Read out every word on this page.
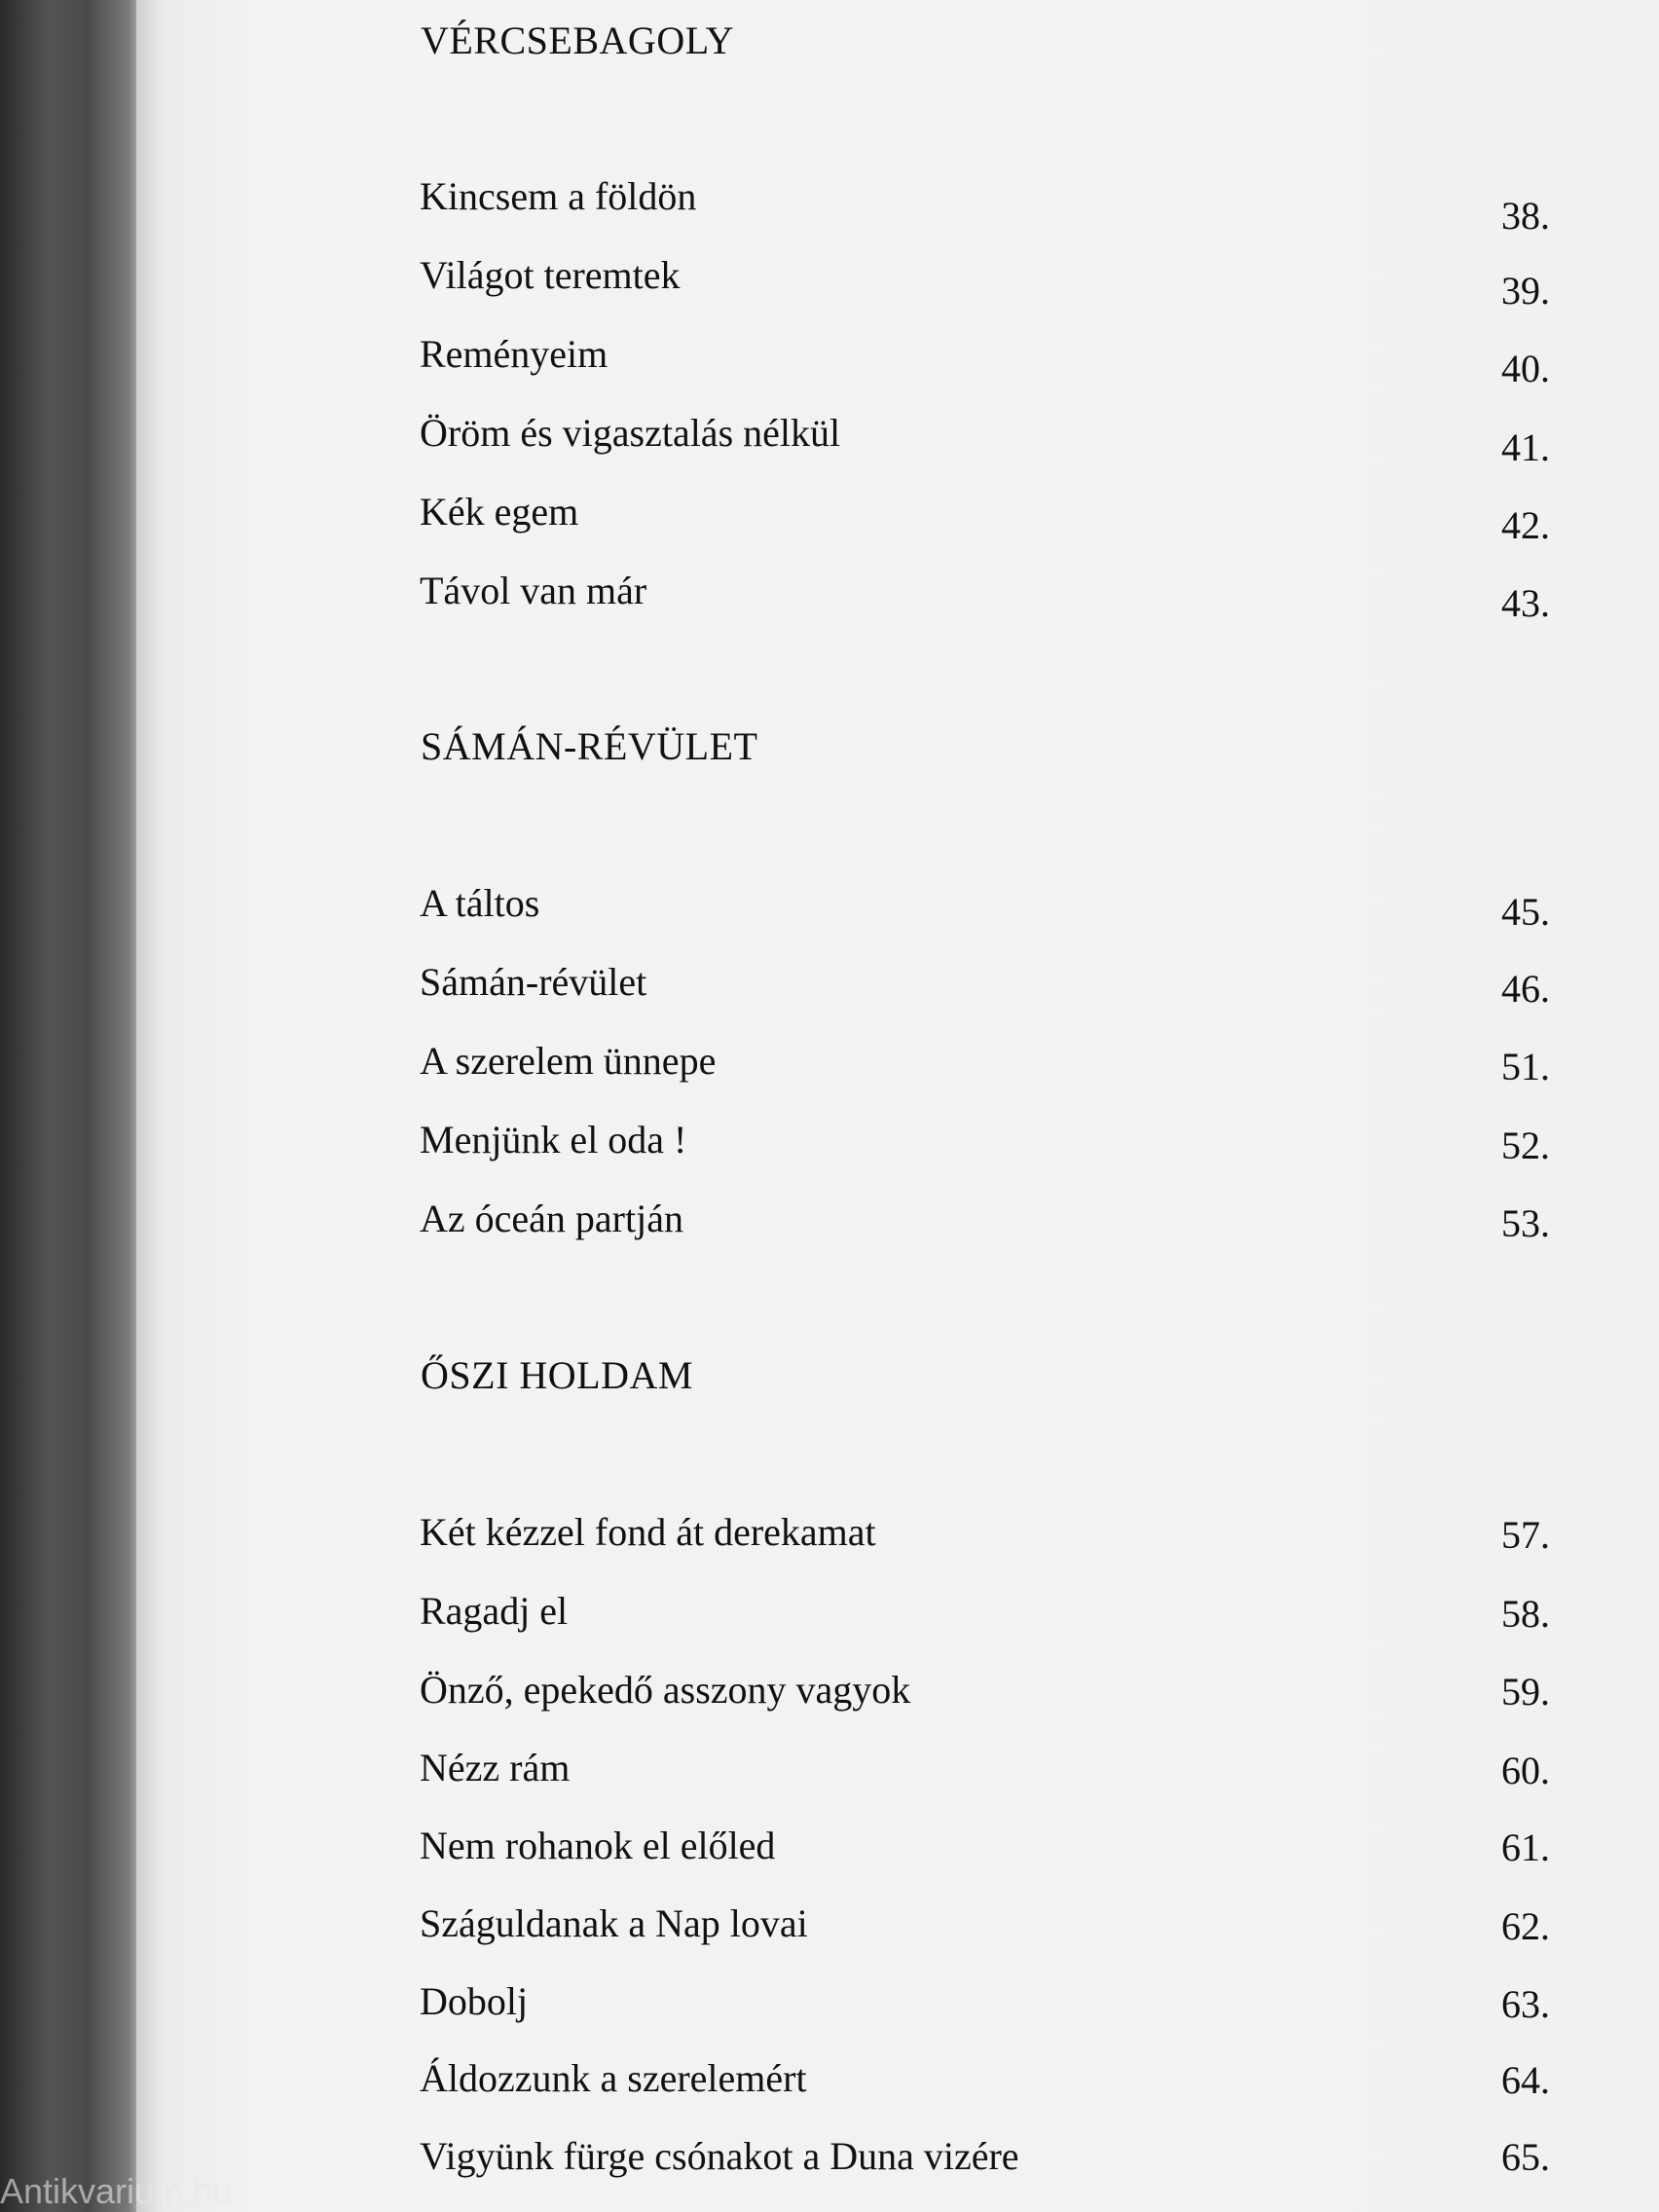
VÉRCSEBAGOLY
Kincsem a földön	38.
Világot teremtek	39.
Reményeim	40.
Öröm és vigasztalás nélkül	41.
Kék egem	42.
Távol van már	43.
SÁMÁN-RÉVÜLET
A táltos	45.
Sámán-révület	46.
A szerelem ünnepe	51.
Menjünk el oda !	52.
Az óceán partján	53.
ŐSZI HOLDAM
Két kézzel fond át derekamat	57.
Ragadj el	58.
Önző, epekedő asszony vagyok	59.
Nézz rám	60.
Nem rohanok el előled	61.
Száguldanak a Nap lovai	62.
Dobolj	63.
Áldozzunk a szerelemért	64.
Vigyünk fürge csónakot a Duna vizére	65.
Antikvarium.hu
